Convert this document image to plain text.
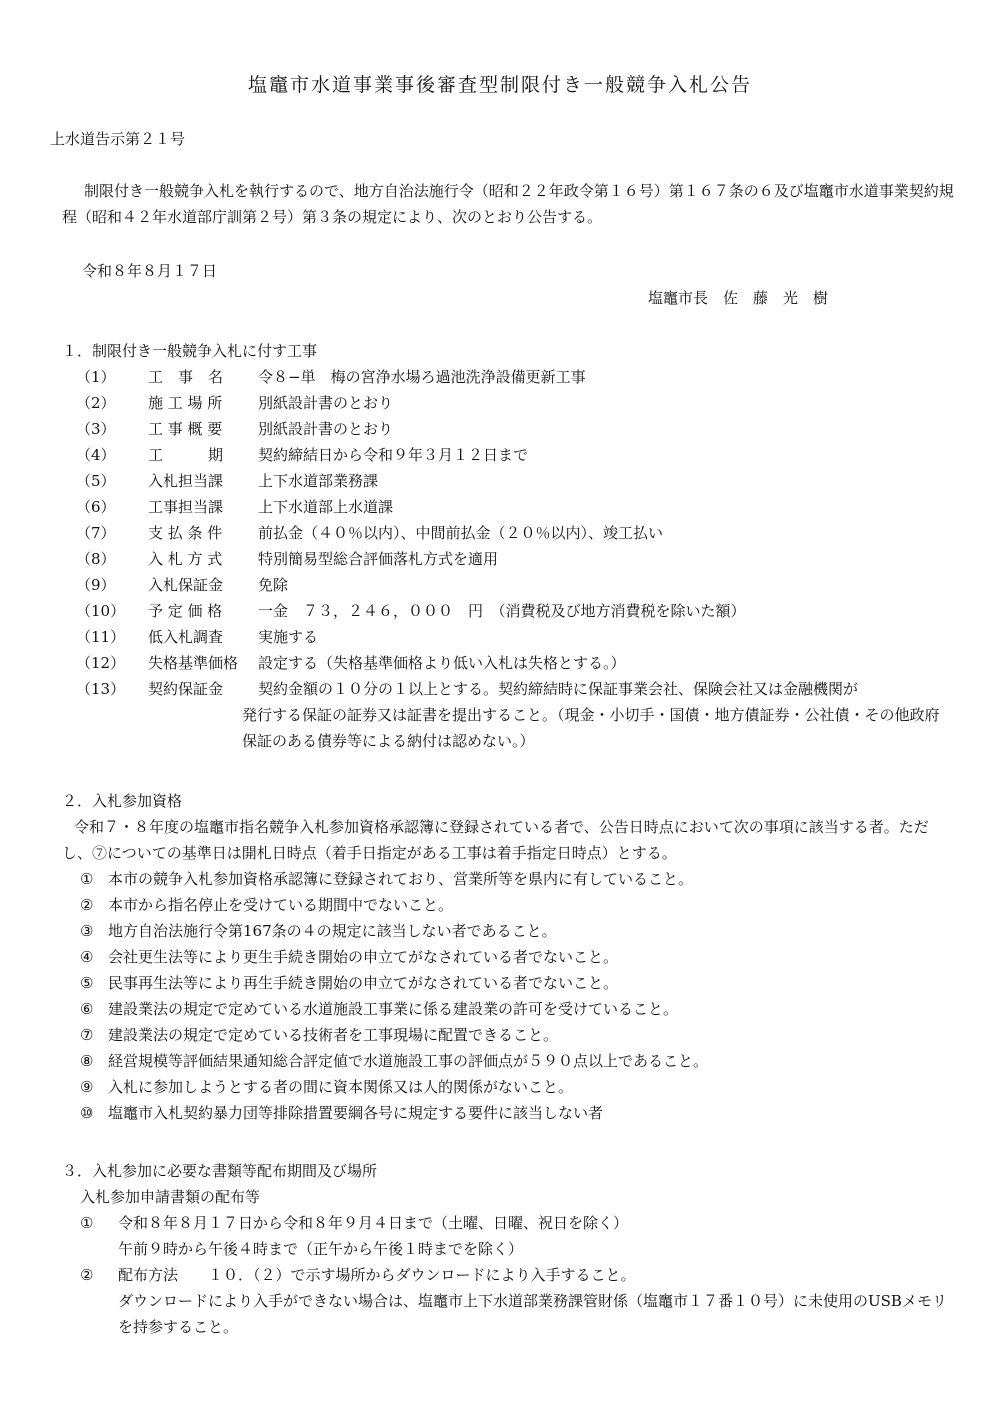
塩竈市水道事業事後審査型制限付き一般競争入札公告
上水道告示第２１号
制限付き一般競争入札を執行するので、地方自治法施行令（昭和２２年政令第１６号）第１６７条の６及び塩竈市水道事業契約規程（昭和４２年水道部庁訓第２号）第３条の規定により、次のとおり公告する。
令和８年８月１７日
塩竈市長　佐　藤　光　樹
１．制限付き一般競争入札に付す工事
（1）	工　事　名	令８−単　梅の宮浄水場ろ過池洗浄設備更新工事
（2）	施 工 場 所	別紙設計書のとおり
（3）	工 事 概 要	別紙設計書のとおり
（4）	工　　　期	契約締結日から令和９年３月１２日まで
（5）	入札担当課	上下水道部業務課
（6）	工事担当課	上下水道部上水道課
（7）	支 払 条 件	前払金（４０％以内）、中間前払金（２０％以内）、竣工払い
（8）	入 札 方 式	特別簡易型総合評価落札方式を適用
（9）	入札保証金	免除
（10）	予 定 価 格	一金　７３，２４６，０００　円　（消費税及び地方消費税を除いた額）
（11）	低入札調査	実施する
（12）	失格基準価格	設定する（失格基準価格より低い入札は失格とする。）
（13）	契約保証金	契約金額の１０分の１以上とする。契約締結時に保証事業会社、保険会社又は金融機関が
発行する保証の証券又は証書を提出すること。（現金・小切手・国債・地方債証券・公社債・その他政府保証のある債券等による納付は認めない。）
２．入札参加資格
令和７・８年度の塩竈市指名競争入札参加資格承認簿に登録されている者で、公告日時点において次の事項に該当する者。ただし、⑦についての基準日は開札日時点（着手日指定がある工事は着手指定日時点）とする。
① 本市の競争入札参加資格承認簿に登録されており、営業所等を県内に有していること。
② 本市から指名停止を受けている期間中でないこと。
③ 地方自治法施行令第167条の４の規定に該当しない者であること。
④ 会社更生法等により更生手続き開始の申立てがなされている者でないこと。
⑤ 民事再生法等により再生手続き開始の申立てがなされている者でないこと。
⑥ 建設業法の規定で定めている水道施設工事業に係る建設業の許可を受けていること。
⑦ 建設業法の規定で定めている技術者を工事現場に配置できること。
⑧ 経営規模等評価結果通知総合評定値で水道施設工事の評価点が５９０点以上であること。
⑨ 入札に参加しようとする者の間に資本関係又は人的関係がないこと。
⑩ 塩竈市入札契約暴力団等排除措置要綱各号に規定する要件に該当しない者
３．入札参加に必要な書類等配布期間及び場所
入札参加申請書類の配布等
①	令和８年８月１７日から令和８年９月４日まで（土曜、日曜、祝日を除く）
午前９時から午後４時まで（正午から午後１時までを除く）
②	配布方法　　１０．（２）で示す場所からダウンロードにより入手すること。
ダウンロードにより入手ができない場合は、塩竈市上下水道部業務課管財係（塩竈市１７番１０号）に未使用のUSBメモリを持参すること。
